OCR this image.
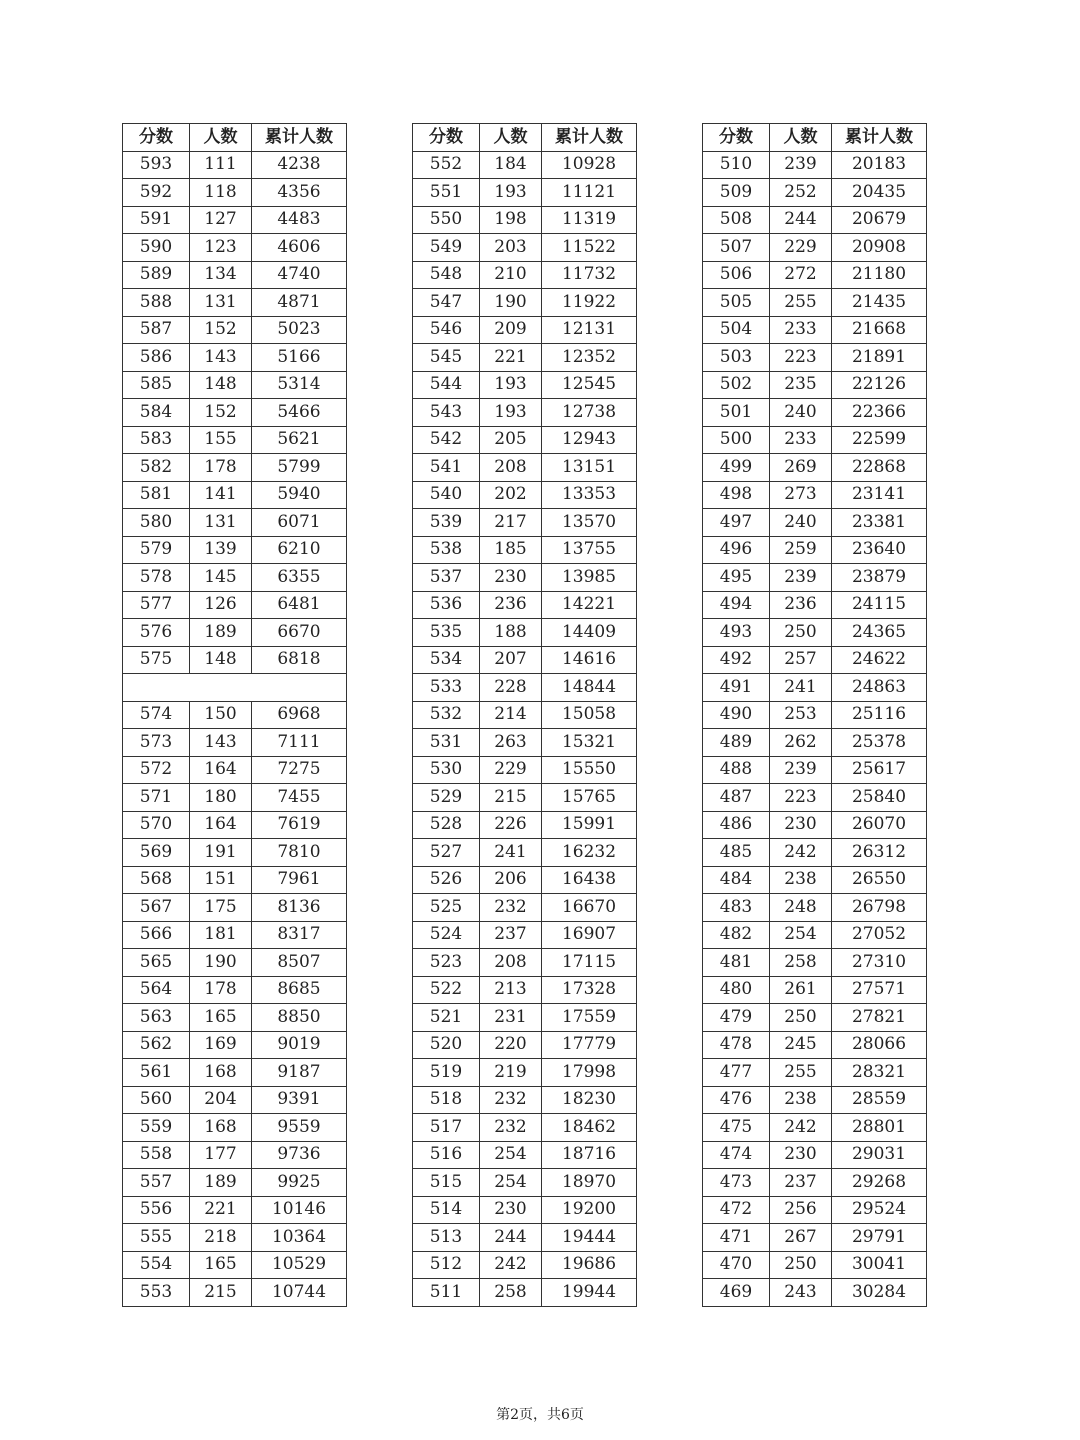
分数	人数	累计人数
593	111	4238
592	118	4356
591	127	4483
590	123	4606
589	134	4740
588	131	4871
587	152	5023
586	143	5166
585	148	5314
584	152	5466
583	155	5621
582	178	5799
581	141	5940
580	131	6071
579	139	6210
578	145	6355
577	126	6481
576	189	6670
575	148	6818

574	150	6968
573	143	7111
572	164	7275
571	180	7455
570	164	7619
569	191	7810
568	151	7961
567	175	8136
566	181	8317
565	190	8507
564	178	8685
563	165	8850
562	169	9019
561	168	9187
560	204	9391
559	168	9559
558	177	9736
557	189	9925
556	221	10146
555	218	10364
554	165	10529
553	215	10744
分数	人数	累计人数
552	184	10928
551	193	11121
550	198	11319
549	203	11522
548	210	11732
547	190	11922
546	209	12131
545	221	12352
544	193	12545
543	193	12738
542	205	12943
541	208	13151
540	202	13353
539	217	13570
538	185	13755
537	230	13985
536	236	14221
535	188	14409
534	207	14616
533	228	14844
532	214	15058
531	263	15321
530	229	15550
529	215	15765
528	226	15991
527	241	16232
526	206	16438
525	232	16670
524	237	16907
523	208	17115
522	213	17328
521	231	17559
520	220	17779
519	219	17998
518	232	18230
517	232	18462
516	254	18716
515	254	18970
514	230	19200
513	244	19444
512	242	19686
511	258	19944
分数	人数	累计人数
510	239	20183
509	252	20435
508	244	20679
507	229	20908
506	272	21180
505	255	21435
504	233	21668
503	223	21891
502	235	22126
501	240	22366
500	233	22599
499	269	22868
498	273	23141
497	240	23381
496	259	23640
495	239	23879
494	236	24115
493	250	24365
492	257	24622
491	241	24863
490	253	25116
489	262	25378
488	239	25617
487	223	25840
486	230	26070
485	242	26312
484	238	26550
483	248	26798
482	254	27052
481	258	27310
480	261	27571
479	250	27821
478	245	28066
477	255	28321
476	238	28559
475	242	28801
474	230	29031
473	237	29268
472	256	29524
471	267	29791
470	250	30041
469	243	30284
第2页，共6页
